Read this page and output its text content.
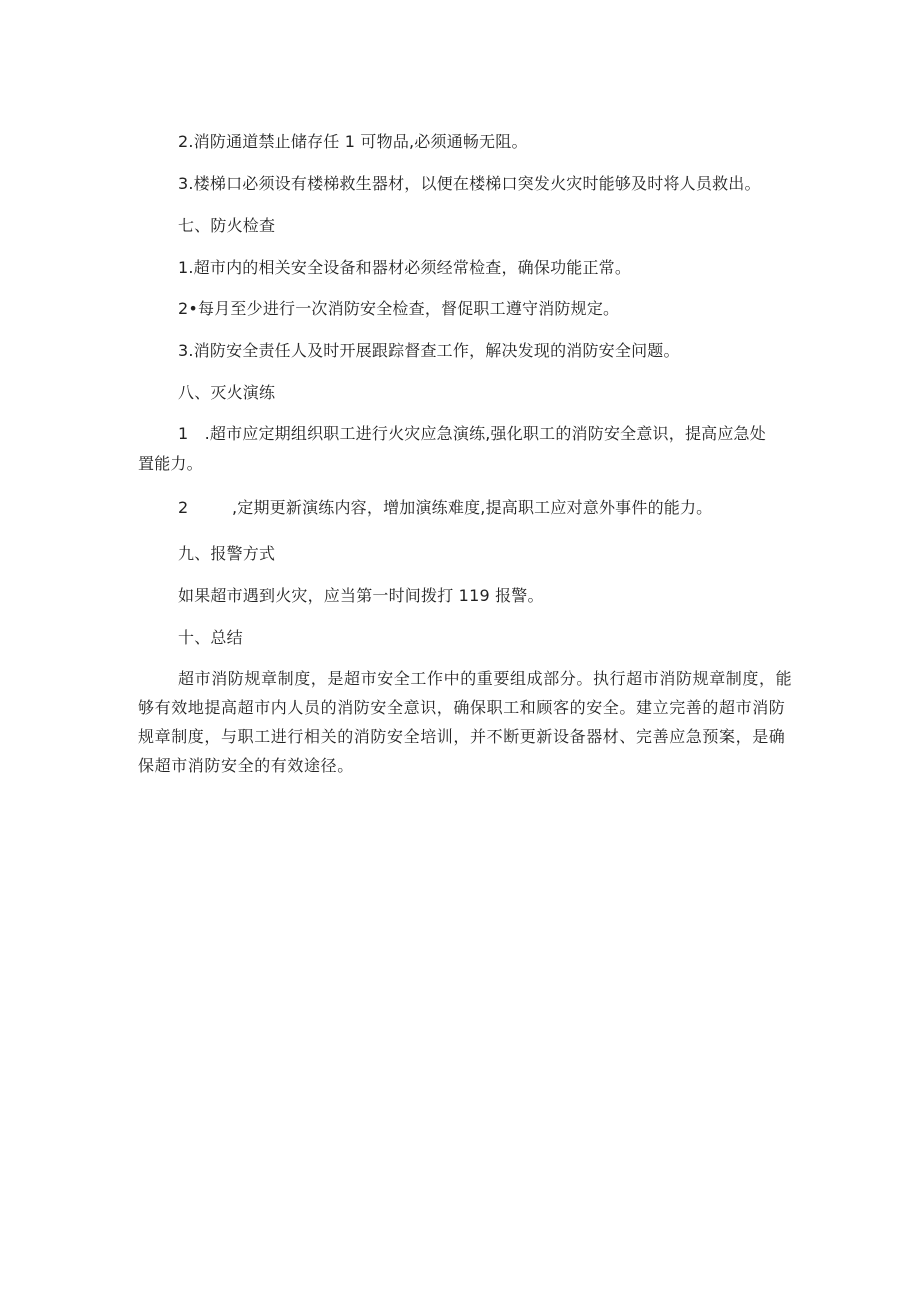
2.消防通道禁止储存任 1 可物品,必须通畅无阻。
3.楼梯口必须设有楼梯救生器材，以便在楼梯口突发火灾时能够及时将人员救出。
七、防火检查
1.超市内的相关安全设备和器材必须经常检查，确保功能正常。
2•每月至少进行一次消防安全检查，督促职工遵守消防规定。
3.消防安全责任人及时开展跟踪督查工作，解决发现的消防安全问题。
八、灭火演练
1　.超市应定期组织职工进行火灾应急演练,强化职工的消防安全意识，提高应急处
置能力。
2	,定期更新演练内容，增加演练难度,提高职工应对意外事件的能力。
九、报警方式
如果超市遇到火灾，应当第一时间拨打 119 报警。
十、总结
超市消防规章制度，是超市安全工作中的重要组成部分。执行超市消防规章制度，能够有效地提高超市内人员的消防安全意识，确保职工和顾客的安全。建立完善的超市消防规章制度，与职工进行相关的消防安全培训，并不断更新设备器材、完善应急预案，是确保超市消防安全的有效途径。
